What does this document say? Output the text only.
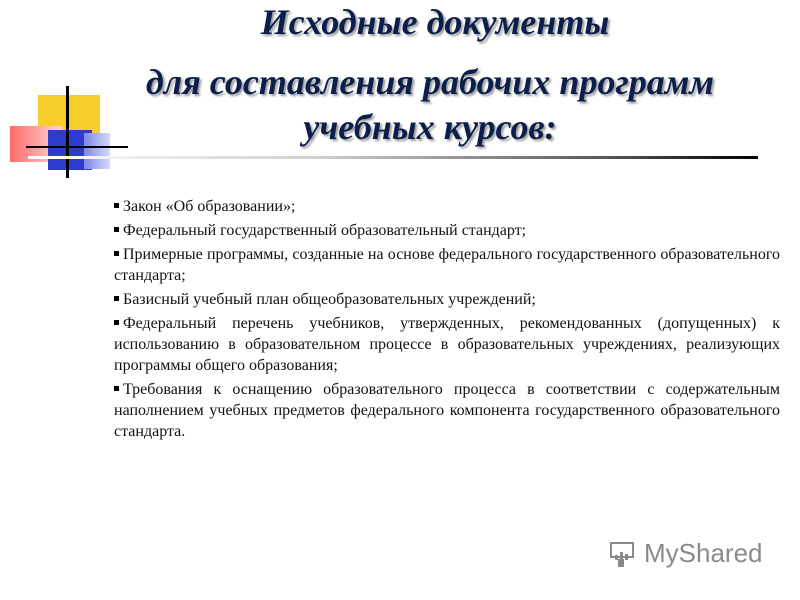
Исходные документы
для составления рабочих программ
учебных курсов:
Закон «Об образовании»;
Федеральный государственный образовательный стандарт;
Примерные программы, созданные на основе федерального государственного образовательного стандарта;
Базисный учебный план общеобразовательных учреждений;
Федеральный перечень учебников, утвержденных, рекомендованных (допущенных) к использованию в образовательном процессе в образовательных учреждениях, реализующих программы общего образования;
Требования к оснащению образовательного процесса в соответствии с содержательным наполнением учебных предметов федерального компонента государственного образовательного стандарта.
MyShared
